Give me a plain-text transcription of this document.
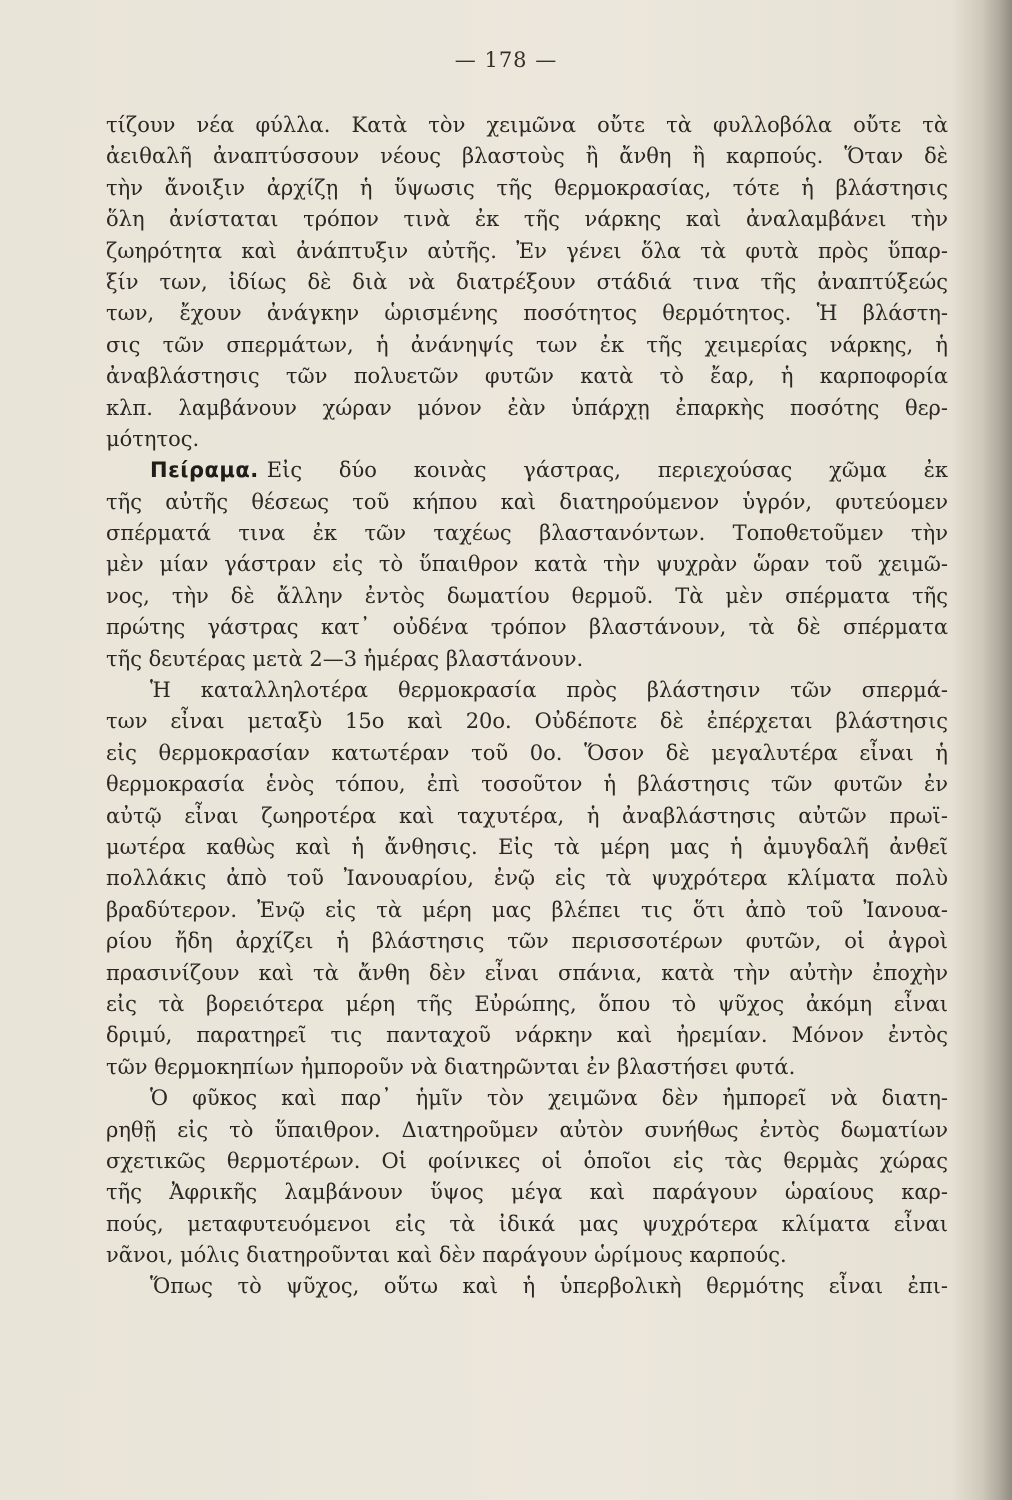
— 178 —
τίζουν νέα φύλλα. Κατὰ τὸν χειμῶνα οὔτε τὰ φυλλοβόλα οὔτε τὰ
ἀειθαλῆ ἀναπτύσσουν νέους βλαστοὺς ἢ ἄνθη ἢ καρπούς. Ὅταν δὲ
τὴν ἄνοιξιν ἀρχίζῃ ἡ ὕψωσις τῆς θερμοκρασίας, τότε ἡ βλάστησις
ὅλη ἀνίσταται τρόπον τινὰ ἐκ τῆς νάρκης καὶ ἀναλαμβάνει τὴν
ζωηρότητα καὶ ἀνάπτυξιν αὐτῆς. Ἐν γένει ὅλα τὰ φυτὰ πρὸς ὕπαρ-
ξίν των, ἰδίως δὲ διὰ νὰ διατρέξουν στάδιά τινα τῆς ἀναπτύξεώς
των, ἔχουν ἀνάγκην ὡρισμένης ποσότητος θερμότητος. Ἡ βλάστη-
σις τῶν σπερμάτων, ἡ ἀνάνηψίς των ἐκ τῆς χειμερίας νάρκης, ἡ
ἀναβλάστησις τῶν πολυετῶν φυτῶν κατὰ τὸ ἔαρ, ἡ καρποφορία
κλπ. λαμβάνουν χώραν μόνον ἐὰν ὑπάρχῃ ἐπαρκὴς ποσότης θερ-
μότητος.
Πείραμα. Εἰς δύο κοινὰς γάστρας, περιεχούσας χῶμα ἐκ
τῆς αὐτῆς θέσεως τοῦ κήπου καὶ διατηρούμενον ὑγρόν, φυτεύομεν
σπέρματά τινα ἐκ τῶν ταχέως βλαστανόντων. Τοποθετοῦμεν τὴν
μὲν μίαν γάστραν εἰς τὸ ὕπαιθρον κατὰ τὴν ψυχρὰν ὥραν τοῦ χειμῶ-
νος, τὴν δὲ ἄλλην ἐντὸς δωματίου θερμοῦ. Τὰ μὲν σπέρματα τῆς
πρώτης γάστρας κατ᾽ οὐδένα τρόπον βλαστάνουν, τὰ δὲ σπέρματα
τῆς δευτέρας μετὰ 2—3 ἡμέρας βλαστάνουν.
Ἡ καταλληλοτέρα θερμοκρασία πρὸς βλάστησιν τῶν σπερμά-
των εἶναι μεταξὺ 15ο καὶ 20ο. Οὐδέποτε δὲ ἐπέρχεται βλάστησις
εἰς θερμοκρασίαν κατωτέραν τοῦ 0ο. Ὅσον δὲ μεγαλυτέρα εἶναι ἡ
θερμοκρασία ἑνὸς τόπου, ἐπὶ τοσοῦτον ἡ βλάστησις τῶν φυτῶν ἐν
αὐτῷ εἶναι ζωηροτέρα καὶ ταχυτέρα, ἡ ἀναβλάστησις αὐτῶν πρωϊ-
μωτέρα καθὼς καὶ ἡ ἄνθησις. Εἰς τὰ μέρη μας ἡ ἀμυγδαλῆ ἀνθεῖ
πολλάκις ἀπὸ τοῦ Ἰανουαρίου, ἐνῷ εἰς τὰ ψυχρότερα κλίματα πολὺ
βραδύτερον. Ἐνῷ εἰς τὰ μέρη μας βλέπει τις ὅτι ἀπὸ τοῦ Ἰανουα-
ρίου ἤδη ἀρχίζει ἡ βλάστησις τῶν περισσοτέρων φυτῶν, οἱ ἀγροὶ
πρασινίζουν καὶ τὰ ἄνθη δὲν εἶναι σπάνια, κατὰ τὴν αὐτὴν ἐποχὴν
εἰς τὰ βορειότερα μέρη τῆς Εὐρώπης, ὅπου τὸ ψῦχος ἀκόμη εἶναι
δριμύ, παρατηρεῖ τις πανταχοῦ νάρκην καὶ ἠρεμίαν. Μόνον ἐντὸς
τῶν θερμοκηπίων ἠμποροῦν νὰ διατηρῶνται ἐν βλαστήσει φυτά.
Ὁ φῦκος καὶ παρ᾽ ἡμῖν τὸν χειμῶνα δὲν ἠμπορεῖ νὰ διατη-
ρηθῇ εἰς τὸ ὕπαιθρον. Διατηροῦμεν αὐτὸν συνήθως ἐντὸς δωματίων
σχετικῶς θερμοτέρων. Οἱ φοίνικες οἱ ὁποῖοι εἰς τὰς θερμὰς χώρας
τῆς Ἀφρικῆς λαμβάνουν ὕψος μέγα καὶ παράγουν ὡραίους καρ-
πούς, μεταφυτευόμενοι εἰς τὰ ἰδικά μας ψυχρότερα κλίματα εἶναι
νᾶνοι, μόλις διατηροῦνται καὶ δὲν παράγουν ὡρίμους καρπούς.
Ὅπως τὸ ψῦχος, οὕτω καὶ ἡ ὑπερβολικὴ θερμότης εἶναι ἐπι-
